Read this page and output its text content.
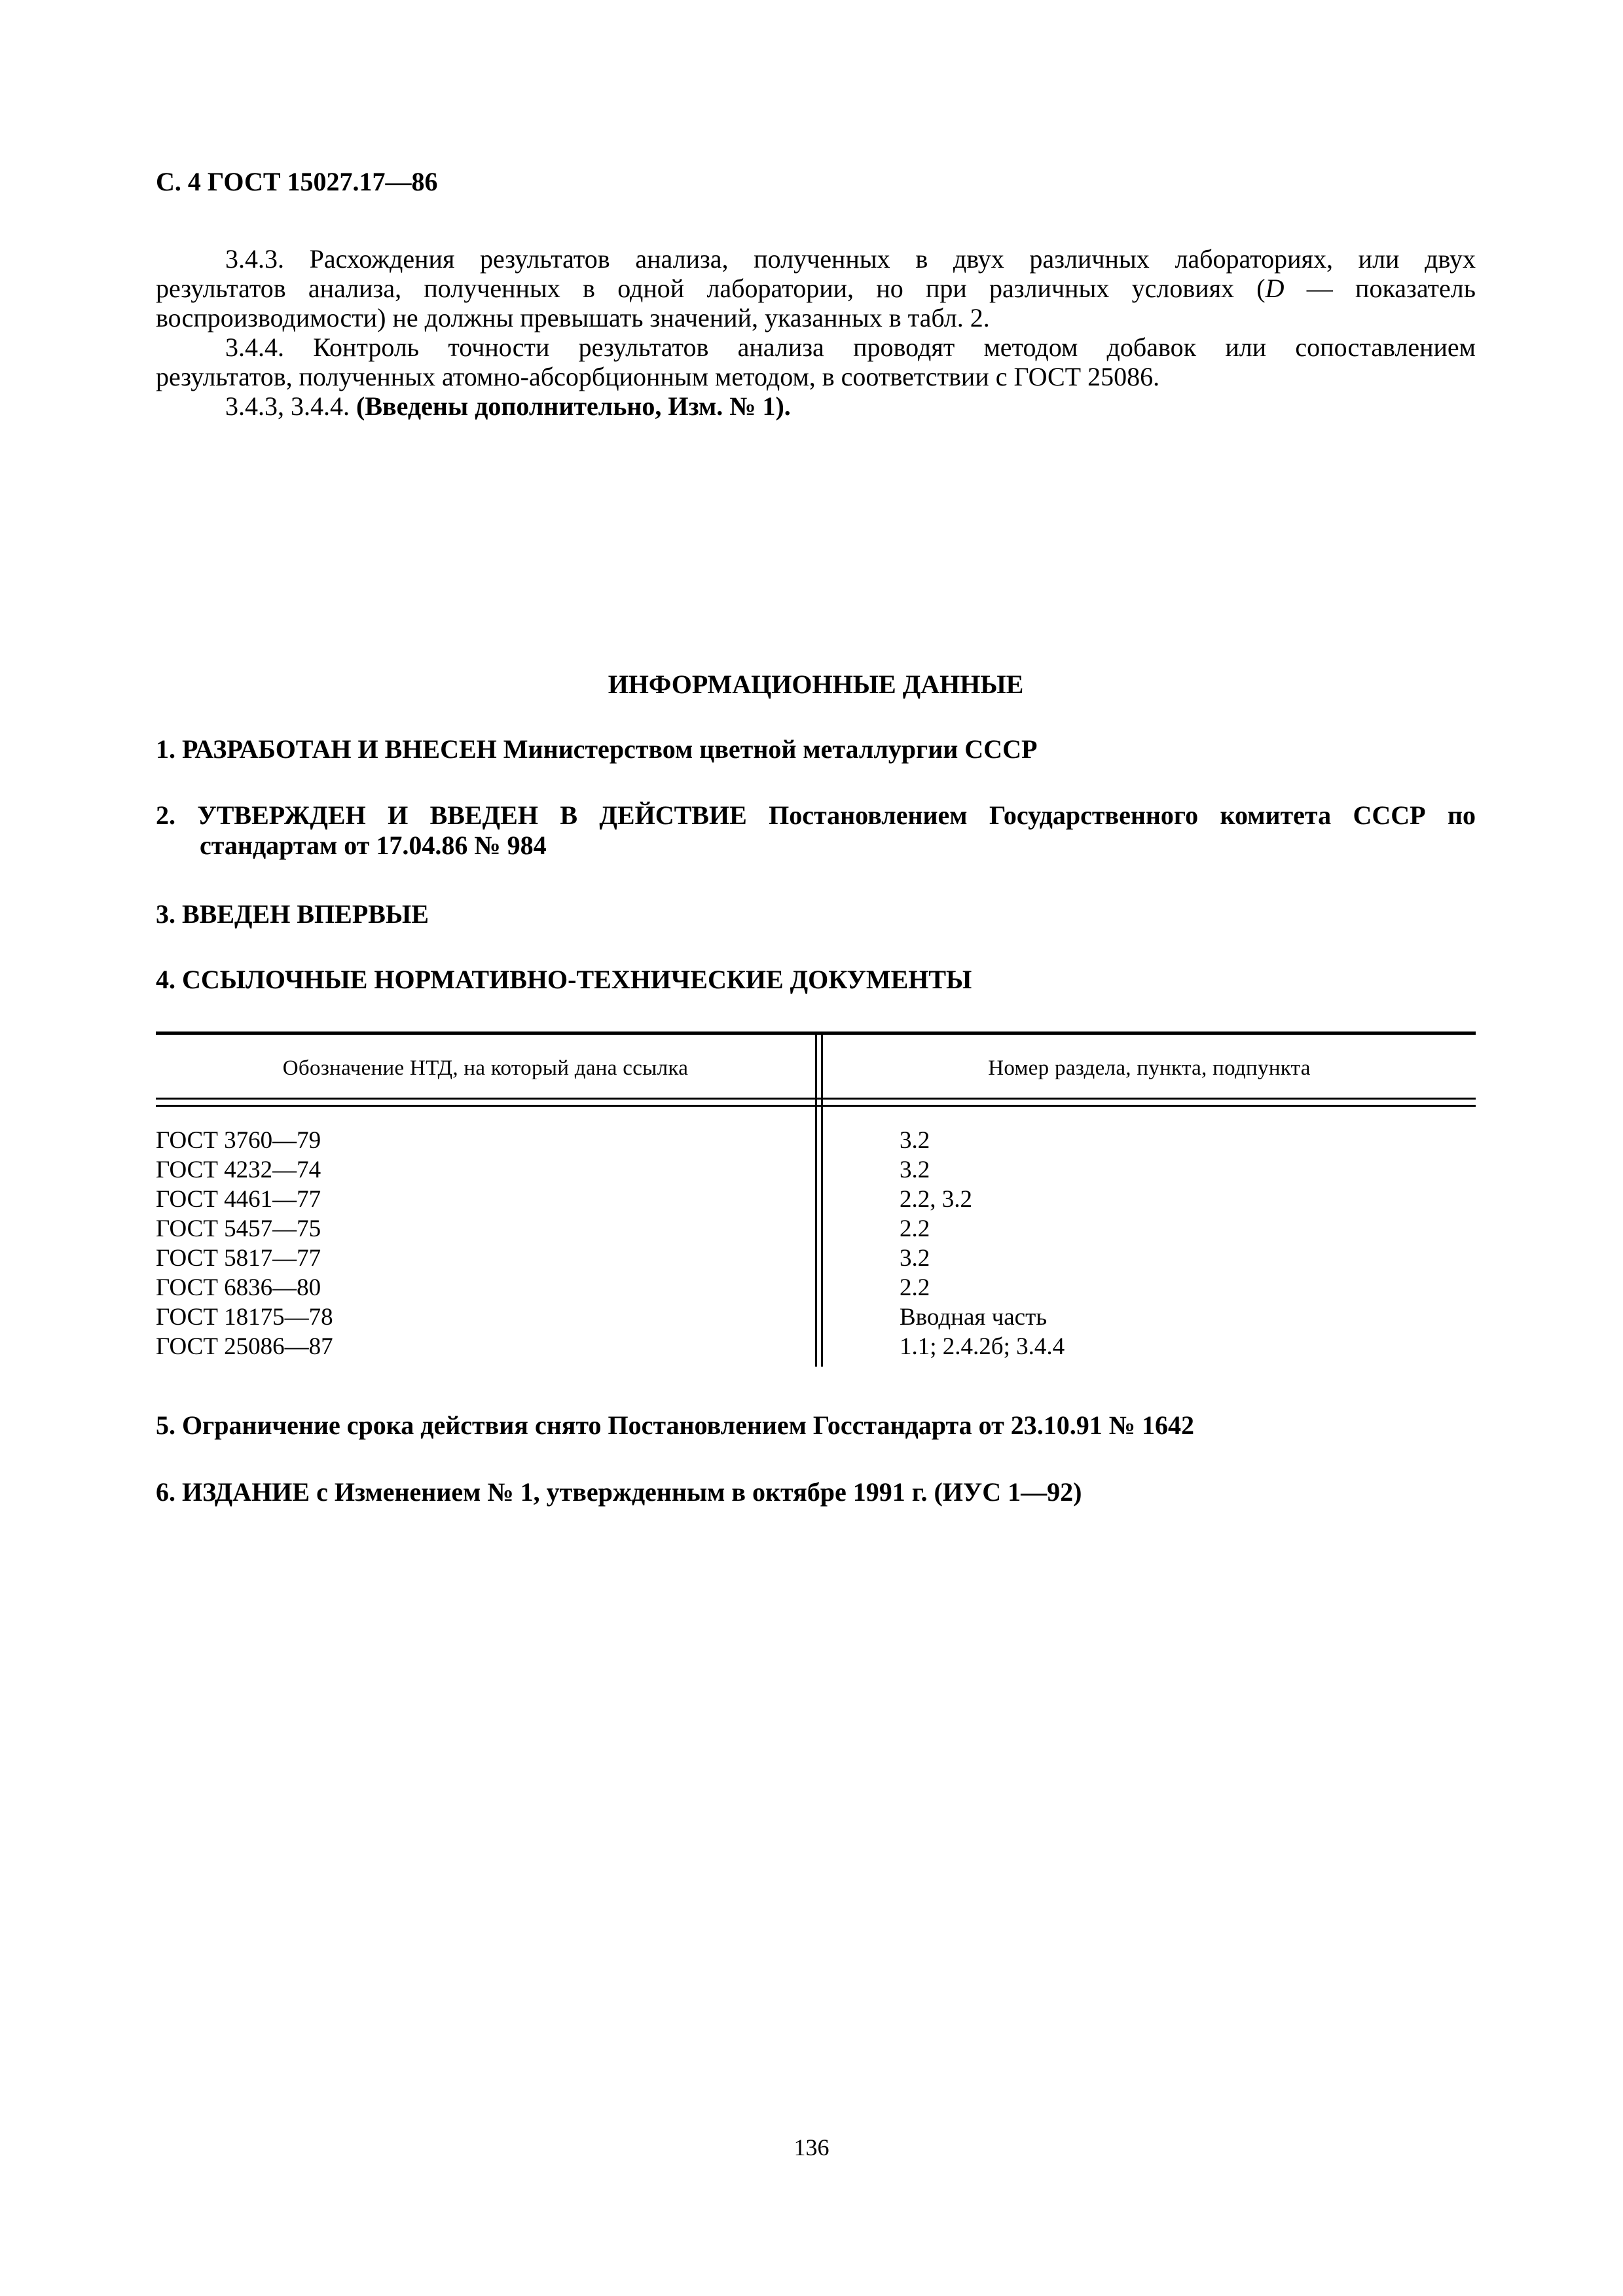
С. 4 ГОСТ 15027.17—86

3.4.3. Расхождения результатов анализа, полученных в двух различных лабораториях, или двух

результатов анализа, полученных в одной лаборатории, но при различных условиях (D — показатель

воспроизводимости) не должны превышать значений, указанных в табл. 2.

3.4.4. Контроль точности результатов анализа проводят методом добавок или сопоставлением

результатов, полученных атомно-абсорбционным методом, в соответствии с ГОСТ 25086.

3.4.3, 3.4.4. (Введены дополнительно, Изм. № 1).

ИНФОРМАЦИОННЫЕ ДАННЫЕ
1. РАЗРАБОТАН И ВНЕСЕН Министерством цветной металлургии СССР
2. УТВЕРЖДЕН И ВВЕДЕН В ДЕЙСТВИЕ Постановлением Государственного комитета СССР по
стандартам от 17.04.86 № 984
3. ВВЕДЕН ВПЕРВЫЕ
4. ССЫЛОЧНЫЕ НОРМАТИВНО-ТЕХНИЧЕСКИЕ ДОКУМЕНТЫ
Обозначение НТД, на который дана ссылка	Номер раздела, пункта, подпункта
ГОСТ 3760—79
ГОСТ 4232—74
ГОСТ 4461—77
ГОСТ 5457—75
ГОСТ 5817—77
ГОСТ 6836—80
ГОСТ 18175—78
ГОСТ 25086—87
3.2
3.2
2.2, 3.2
2.2
3.2
2.2
Вводная часть
1.1; 2.4.2б; 3.4.4
5. Ограничение срока действия снято Постановлением Госстандарта от 23.10.91 № 1642
6. ИЗДАНИЕ с Изменением № 1, утвержденным в октябре 1991 г. (ИУС 1—92)
136
